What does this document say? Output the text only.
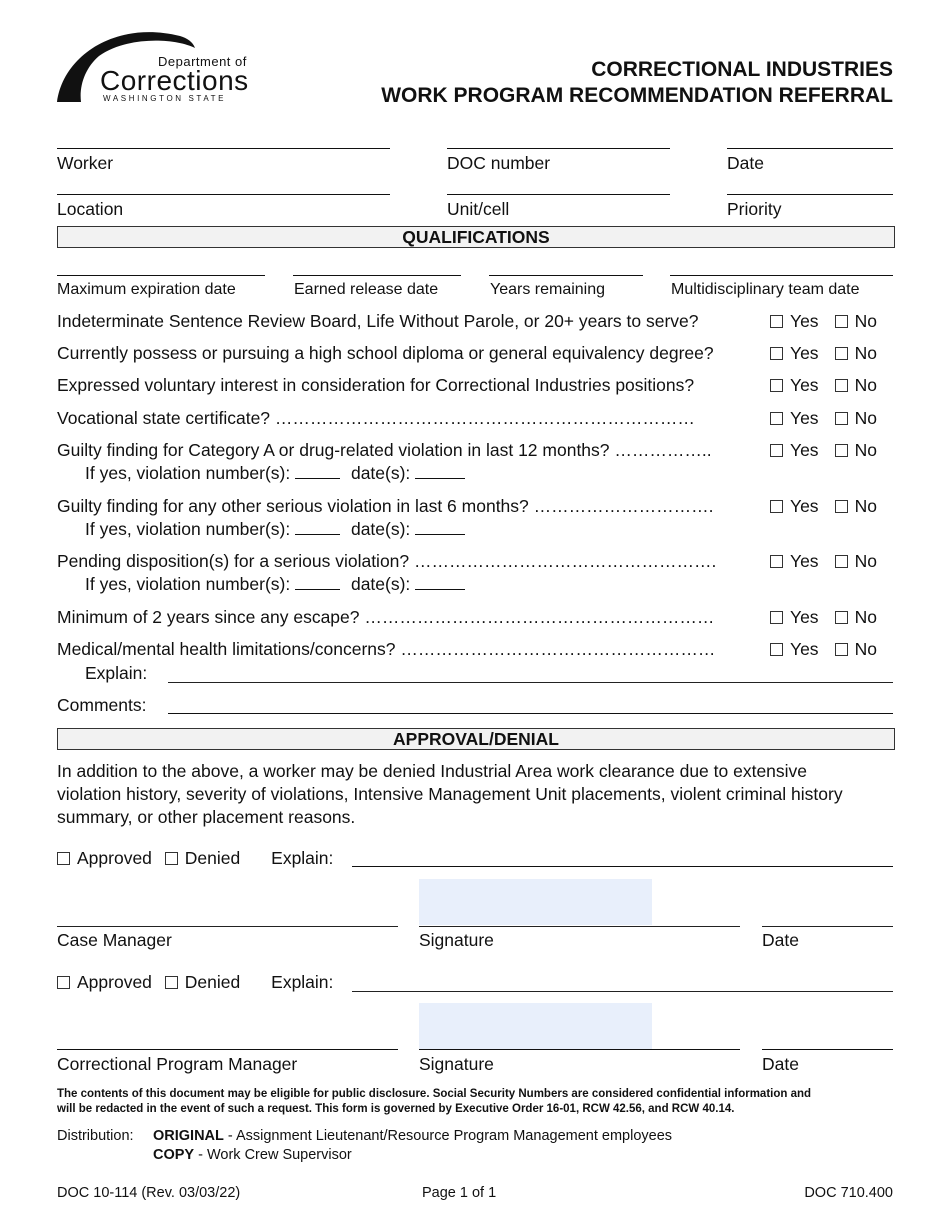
Department of
Corrections
WASHINGTON STATE
CORRECTIONAL INDUSTRIES
WORK PROGRAM RECOMMENDATION REFERRAL
Worker	DOC number	Date
Location	Unit/cell	Priority
QUALIFICATIONS
Maximum expiration date	Earned release date	Years remaining	Multidisciplinary team date
Indeterminate Sentence Review Board, Life Without Parole, or 20+ years to serve?	Yes No
Currently possess or pursuing a high school diploma or general equivalency degree?	Yes No
Expressed voluntary interest in consideration for Correctional Industries positions?	Yes No
Vocational state certificate? ………………………………………………………………	Yes No
Guilty finding for Category A or drug-related violation in last 12 months? ……………..	Yes No
If yes, violation number(s):	date(s):
Guilty finding for any other serious violation in last 6 months? ………………………….	Yes No
If yes, violation number(s):	date(s):
Pending disposition(s) for a serious violation? …………………………………………….	Yes No
If yes, violation number(s):	date(s):
Minimum of 2 years since any escape? ……………………………………………………	Yes No
Medical/mental health limitations/concerns? ………………………………………………	Yes No
Explain:
Comments:
APPROVAL/DENIAL
In addition to the above, a worker may be denied Industrial Area work clearance due to extensive
violation history, severity of violations, Intensive Management Unit placements, violent criminal history
summary, or other placement reasons.
Approved Denied Explain:
Case Manager	Signature	Date
Approved Denied Explain:
Correctional Program Manager	Signature	Date
The contents of this document may be eligible for public disclosure. Social Security Numbers are considered confidential information and
will be redacted in the event of such a request. This form is governed by Executive Order 16-01, RCW 42.56, and RCW 40.14.
Distribution: ORIGINAL - Assignment Lieutenant/Resource Program Management employees
COPY - Work Crew Supervisor
DOC 10-114 (Rev. 03/03/22)	Page 1 of 1	DOC 710.400
